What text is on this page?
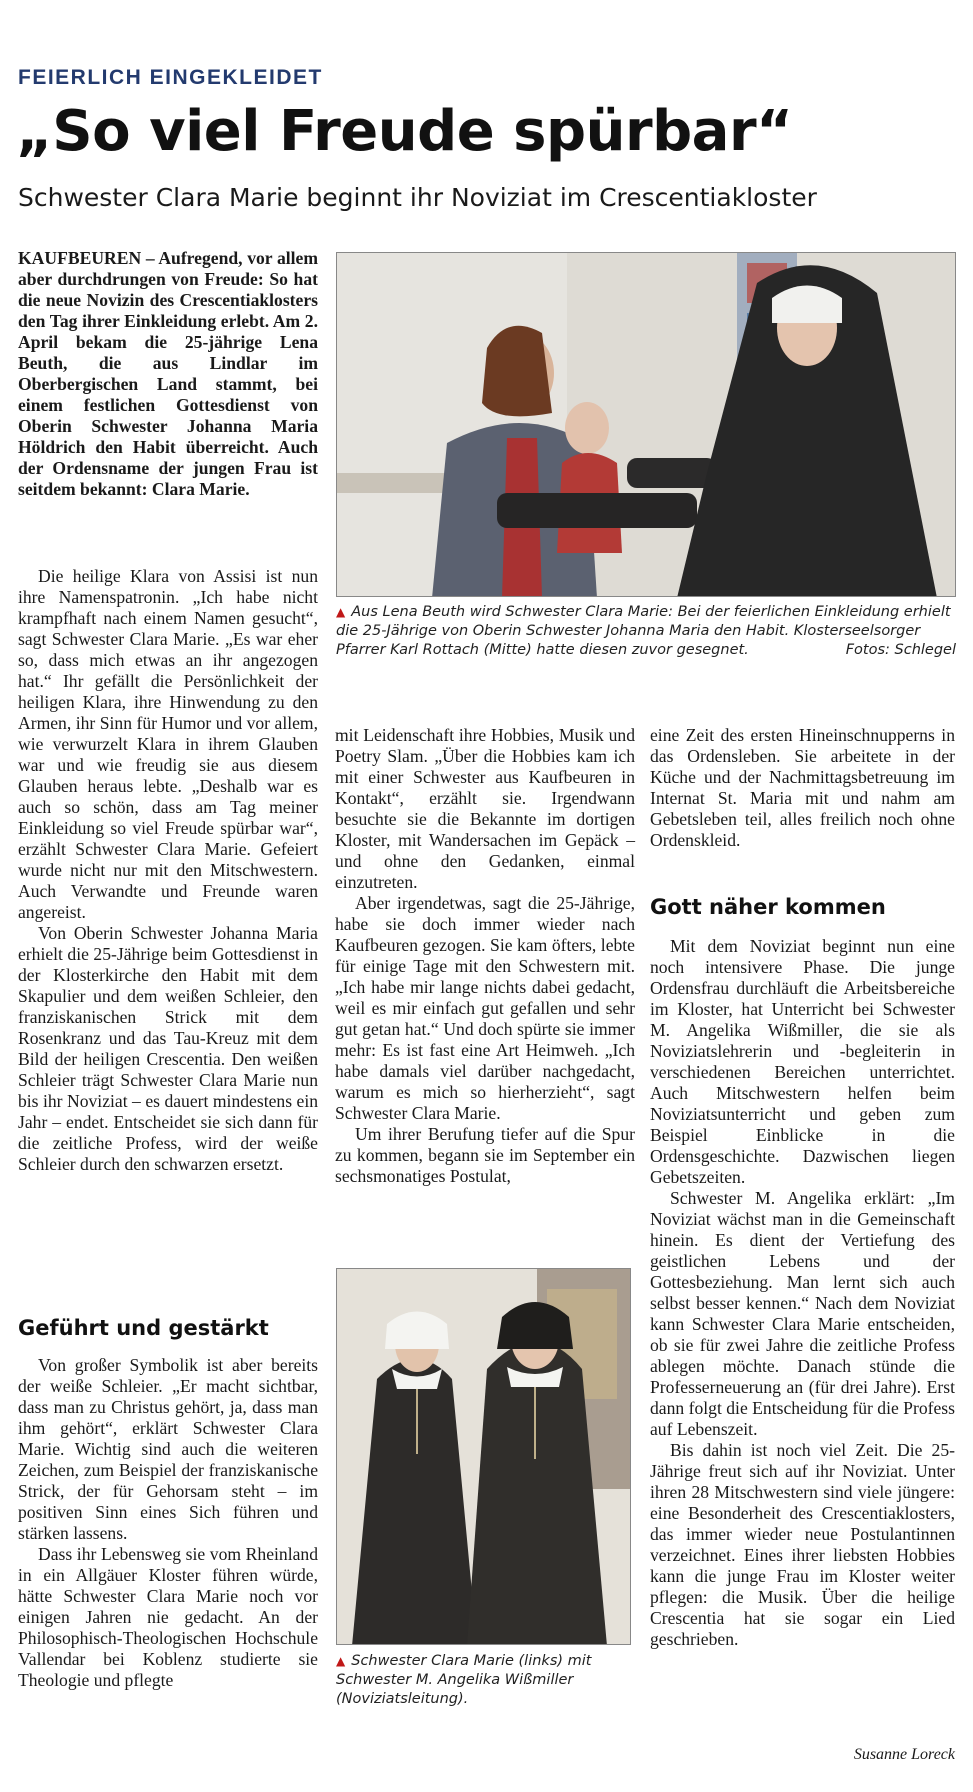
FEIERLICH EINGEKLEIDET
„So viel Freude spürbar“
Schwester Clara Marie beginnt ihr Noviziat im Crescentiakloster
KAUFBEUREN – Aufregend, vor allem aber durchdrungen von Freude: So hat die neue Novizin des Crescentiaklosters den Tag ihrer Einkleidung erlebt. Am 2. April bekam die 25-jährige Lena Beuth, die aus Lindlar im Oberbergischen Land stammt, bei einem festlichen Gottesdienst von Oberin Schwester Johanna Maria Höldrich den Habit überreicht. Auch der Ordensname der jungen Frau ist seitdem bekannt: Clara Marie.

Die heilige Klara von Assisi ist nun ihre Namenspatronin. „Ich habe nicht krampfhaft nach einem Namen gesucht“, sagt Schwester Clara Marie. „Es war eher so, dass mich etwas an ihr angezogen hat.“ Ihr gefällt die Persönlichkeit der heiligen Klara, ihre Hinwendung zu den Armen, ihr Sinn für Humor und vor allem, wie verwurzelt Klara in ihrem Glauben war und wie freudig sie aus diesem Glauben heraus lebte. „Deshalb war es auch so schön, dass am Tag meiner Einkleidung so viel Freude spürbar war“, erzählt Schwester Clara Marie. Gefeiert wurde nicht nur mit den Mitschwestern. Auch Verwandte und Freunde waren angereist.

Von Oberin Schwester Johanna Maria erhielt die 25-Jährige beim Gottesdienst in der Klosterkirche den Habit mit dem Skapulier und dem weißen Schleier, den franziskanischen Strick mit dem Rosenkranz und das Tau-Kreuz mit dem Bild der heiligen Crescentia. Den weißen Schleier trägt Schwester Clara Marie nun bis ihr Noviziat – es dauert mindestens ein Jahr – endet. Entscheidet sie sich dann für die zeitliche Profess, wird der weiße Schleier durch den schwarzen ersetzt.

Geführt und gestärkt

Von großer Symbolik ist aber bereits der weiße Schleier. „Er macht sichtbar, dass man zu Christus gehört, ja, dass man ihm gehört“, erklärt Schwester Clara Marie. Wichtig sind auch die weiteren Zeichen, zum Beispiel der franziskanische Strick, der für Gehorsam steht – im positiven Sinn eines Sich führen und stärken lassens.

Dass ihr Lebensweg sie vom Rheinland in ein Allgäuer Kloster führen würde, hätte Schwester Clara Marie noch vor einigen Jahren nie gedacht. An der Philosophisch-Theologischen Hochschule Vallendar bei Koblenz studierte sie Theologie und pflegte

▲ Aus Lena Beuth wird Schwester Clara Marie: Bei der feierlichen Einkleidung erhielt die 25-Jährige von Oberin Schwester Johanna Maria den Habit. Klosterseelsorger Pfarrer Karl Rottach (Mitte) hatte diesen zuvor gesegnet.	Fotos: Schlegel

mit Leidenschaft ihre Hobbies, Musik und Poetry Slam. „Über die Hobbies kam ich mit einer Schwester aus Kaufbeuren in Kontakt“, erzählt sie. Irgendwann besuchte sie die Bekannte im dortigen Kloster, mit Wandersachen im Gepäck – und ohne den Gedanken, einmal einzutreten.

Aber irgendetwas, sagt die 25-Jährige, habe sie doch immer wieder nach Kaufbeuren gezogen. Sie kam öfters, lebte für einige Tage mit den Schwestern mit. „Ich habe mir lange nichts dabei gedacht, weil es mir einfach gut gefallen und sehr gut getan hat.“ Und doch spürte sie immer mehr: Es ist fast eine Art Heimweh. „Ich habe damals viel darüber nachgedacht, warum es mich so hierherzieht“, sagt Schwester Clara Marie.

Um ihrer Berufung tiefer auf die Spur zu kommen, begann sie im September ein sechsmonatiges Postulat,

▲ Schwester Clara Marie (links) mit Schwester M. Angelika Wißmiller (Noviziatsleitung).

eine Zeit des ersten Hineinschnupperns in das Ordensleben. Sie arbeitete in der Küche und der Nachmittagsbetreuung im Internat St. Maria mit und nahm am Gebetsleben teil, alles freilich noch ohne Ordenskleid.

Gott näher kommen

Mit dem Noviziat beginnt nun eine noch intensivere Phase. Die junge Ordensfrau durchläuft die Arbeitsbereiche im Kloster, hat Unterricht bei Schwester M. Angelika Wißmiller, die sie als Noviziatslehrerin und -begleiterin in verschiedenen Bereichen unterrichtet. Auch Mitschwestern helfen beim Noviziatsunterricht und geben zum Beispiel Einblicke in die Ordensgeschichte. Dazwischen liegen Gebetszeiten.

Schwester M. Angelika erklärt: „Im Noviziat wächst man in die Gemeinschaft hinein. Es dient der Vertiefung des geistlichen Lebens und der Gottesbeziehung. Man lernt sich auch selbst besser kennen.“ Nach dem Noviziat kann Schwester Clara Marie entscheiden, ob sie für zwei Jahre die zeitliche Profess ablegen möchte. Danach stünde die Professerneuerung an (für drei Jahre). Erst dann folgt die Entscheidung für die Profess auf Lebenszeit.

Bis dahin ist noch viel Zeit. Die 25-Jährige freut sich auf ihr Noviziat. Unter ihren 28 Mitschwestern sind viele jüngere: eine Besonderheit des Crescentiaklosters, das immer wieder neue Postulantinnen verzeichnet. Eines ihrer liebsten Hobbies kann die junge Frau im Kloster weiter pflegen: die Musik. Über die heilige Crescentia hat sie sogar ein Lied geschrieben.

Susanne Loreck
